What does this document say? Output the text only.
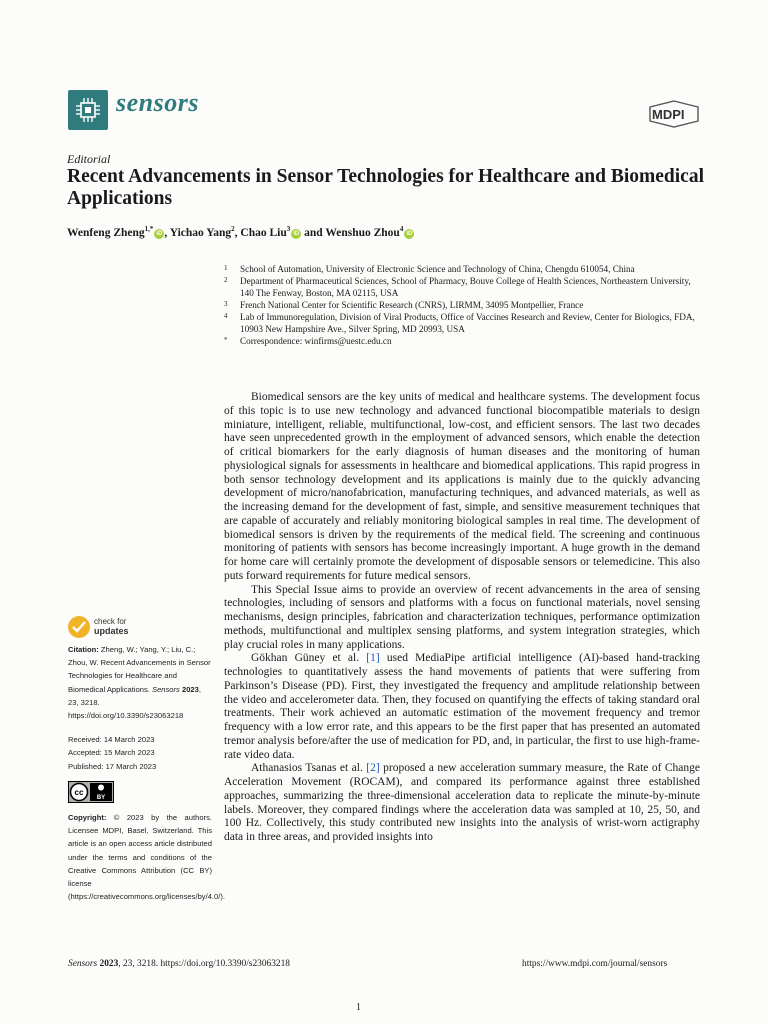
sensors	MDPI
Editorial
Recent Advancements in Sensor Technologies for Healthcare and Biomedical Applications
Wenfeng Zheng$^{1,*}$iD , Yichao Yang$^2$, Chao Liu$^3$iD and Wenshuo Zhou$^4$iD
1 School of Automation, University of Electronic Science and Technology of China, Chengdu 610054, China
2 Department of Pharmaceutical Sciences, School of Pharmacy, Bouve College of Health Sciences, Northeastern University, 140 The Fenway, Boston, MA 02115, USA
3 French National Center for Scientific Research (CNRS), LIRMM, 34095 Montpellier, France
4 Lab of Immunoregulation, Division of Viral Products, Office of Vaccines Research and Review, Center for Biologics, FDA, 10903 New Hampshire Ave., Silver Spring, MD 20993, USA
* Correspondence: winfirms@uestc.edu.cn

Biomedical sensors are the key units of medical and healthcare systems. The development focus of this topic is to use new technology and advanced functional biocompatible materials to design miniature, intelligent, reliable, multifunctional, low-cost, and efficient sensors. The last two decades have seen unprecedented growth in the employment of advanced sensors, which enable the detection of critical biomarkers for the early diagnosis of human diseases and the monitoring of human physiological signals for assessments in healthcare and biomedical applications. This rapid progress in both sensor technology development and its applications is mainly due to the quickly advancing development of micro/nanofabrication, manufacturing techniques, and advanced materials, as well as the increasing demand for the development of fast, simple, and sensitive measurement techniques that are capable of accurately and reliably monitoring biological samples in real time. The development of biomedical sensors is driven by the requirements of the medical field. The screening and continuous monitoring of patients with sensors has become increasingly important. A huge growth in the demand for home care will certainly promote the development of disposable sensors or telemedicine. This also puts forward requirements for future medical sensors.

This Special Issue aims to provide an overview of recent advancements in the area of sensing technologies, including of sensors and platforms with a focus on functional materials, novel sensing mechanisms, design principles, fabrication and characterization techniques, performance optimization methods, multifunctional and multiplex sensing platforms, and system integration strategies, which play crucial roles in many applications.

Gökhan Güney et al. [1] used MediaPipe artificial intelligence (AI)-based hand-tracking technologies to quantitatively assess the hand movements of patients that were suffering from Parkinson’s Disease (PD). First, they investigated the frequency and amplitude relationship between the video and accelerometer data. Then, they focused on quantifying the effects of taking standard oral treatments. Their work achieved an automatic estimation of the movement frequency and tremor frequency with a low error rate, and this appears to be the first paper that has presented an automated tremor analysis before/after the use of medication for PD, and, in particular, the first to use high-frame-rate video data.

Athanasios Tsanas et al. [2] proposed a new acceleration summary measure, the Rate of Change Acceleration Movement (ROCAM), and compared its performance against three established approaches, summarizing the three-dimensional acceleration data to replicate the minute-by-minute labels. Moreover, they compared findings where the acceleration data was sampled at 10, 25, 50, and 100 Hz. Collectively, this study contributed new insights into the analysis of wrist-worn actigraphy data in three areas, and provided insights into

check for
updates

Citation: Zheng, W.; Yang, Y.; Liu, C.; Zhou, W. Recent Advancements in Sensor Technologies for Healthcare and Biomedical Applications. Sensors 2023, 23, 3218. https://doi.org/10.3390/s23063218

Received: 14 March 2023

Accepted: 15 March 2023

Published: 17 March 2023

cc
BY

Copyright: © 2023 by the authors. Licensee MDPI, Basel, Switzerland. This article is an open access article distributed under the terms and conditions of the Creative Commons Attribution (CC BY) license (https://creativecommons.org/licenses/by/4.0/).

Sensors 2023, 23, 3218. https://doi.org/10.3390/s23063218	https://www.mdpi.com/journal/sensors
1
